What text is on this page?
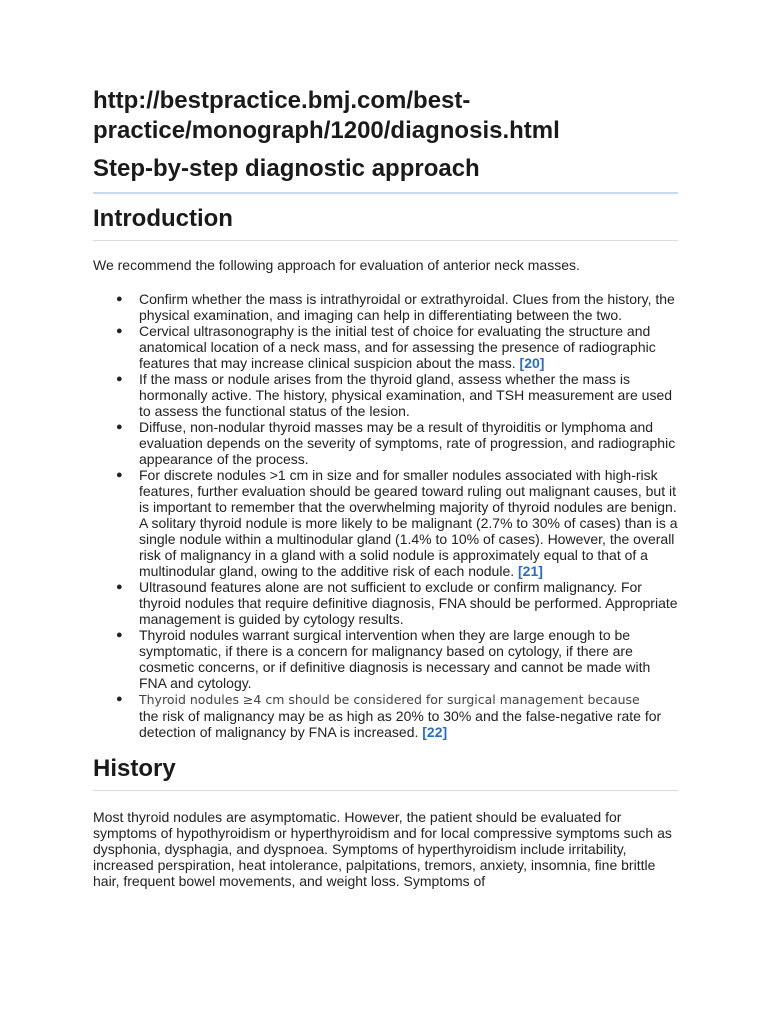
http://bestpractice.bmj.com/best-
practice/monograph/1200/diagnosis.html
Step-by-step diagnostic approach
Introduction

We recommend the following approach for evaluation of anterior neck masses.

● Confirm whether the mass is intrathyroidal or extrathyroidal. Clues from the history, the physical examination, and imaging can help in differentiating between the two.
● Cervical ultrasonography is the initial test of choice for evaluating the structure and anatomical location of a neck mass, and for assessing the presence of radiographic features that may increase clinical suspicion about the mass. [20]
● If the mass or nodule arises from the thyroid gland, assess whether the mass is hormonally active. The history, physical examination, and TSH measurement are used to assess the functional status of the lesion.
● Diffuse, non-nodular thyroid masses may be a result of thyroiditis or lymphoma and evaluation depends on the severity of symptoms, rate of progression, and radiographic appearance of the process.
● For discrete nodules >1 cm in size and for smaller nodules associated with high-risk features, further evaluation should be geared toward ruling out malignant causes, but it is important to remember that the overwhelming majority of thyroid nodules are benign. A solitary thyroid nodule is more likely to be malignant (2.7% to 30% of cases) than is a single nodule within a multinodular gland (1.4% to 10% of cases). However, the overall risk of malignancy in a gland with a solid nodule is approximately equal to that of a multinodular gland, owing to the additive risk of each nodule. [21]
● Ultrasound features alone are not sufficient to exclude or confirm malignancy. For thyroid nodules that require definitive diagnosis, FNA should be performed. Appropriate management is guided by cytology results.
● Thyroid nodules warrant surgical intervention when they are large enough to be symptomatic, if there is a concern for malignancy based on cytology, if there are cosmetic concerns, or if definitive diagnosis is necessary and cannot be made with FNA and cytology.
● Thyroid nodules ≥4 cm should be considered for surgical management because
the risk of malignancy may be as high as 20% to 30% and the false-negative rate for detection of malignancy by FNA is increased. [22]
History

Most thyroid nodules are asymptomatic. However, the patient should be evaluated for symptoms of hypothyroidism or hyperthyroidism and for local compressive symptoms such as dysphonia, dysphagia, and dyspnoea. Symptoms of hyperthyroidism include irritability, increased perspiration, heat intolerance, palpitations, tremors, anxiety, insomnia, fine brittle hair, frequent bowel movements, and weight loss. Symptoms of
